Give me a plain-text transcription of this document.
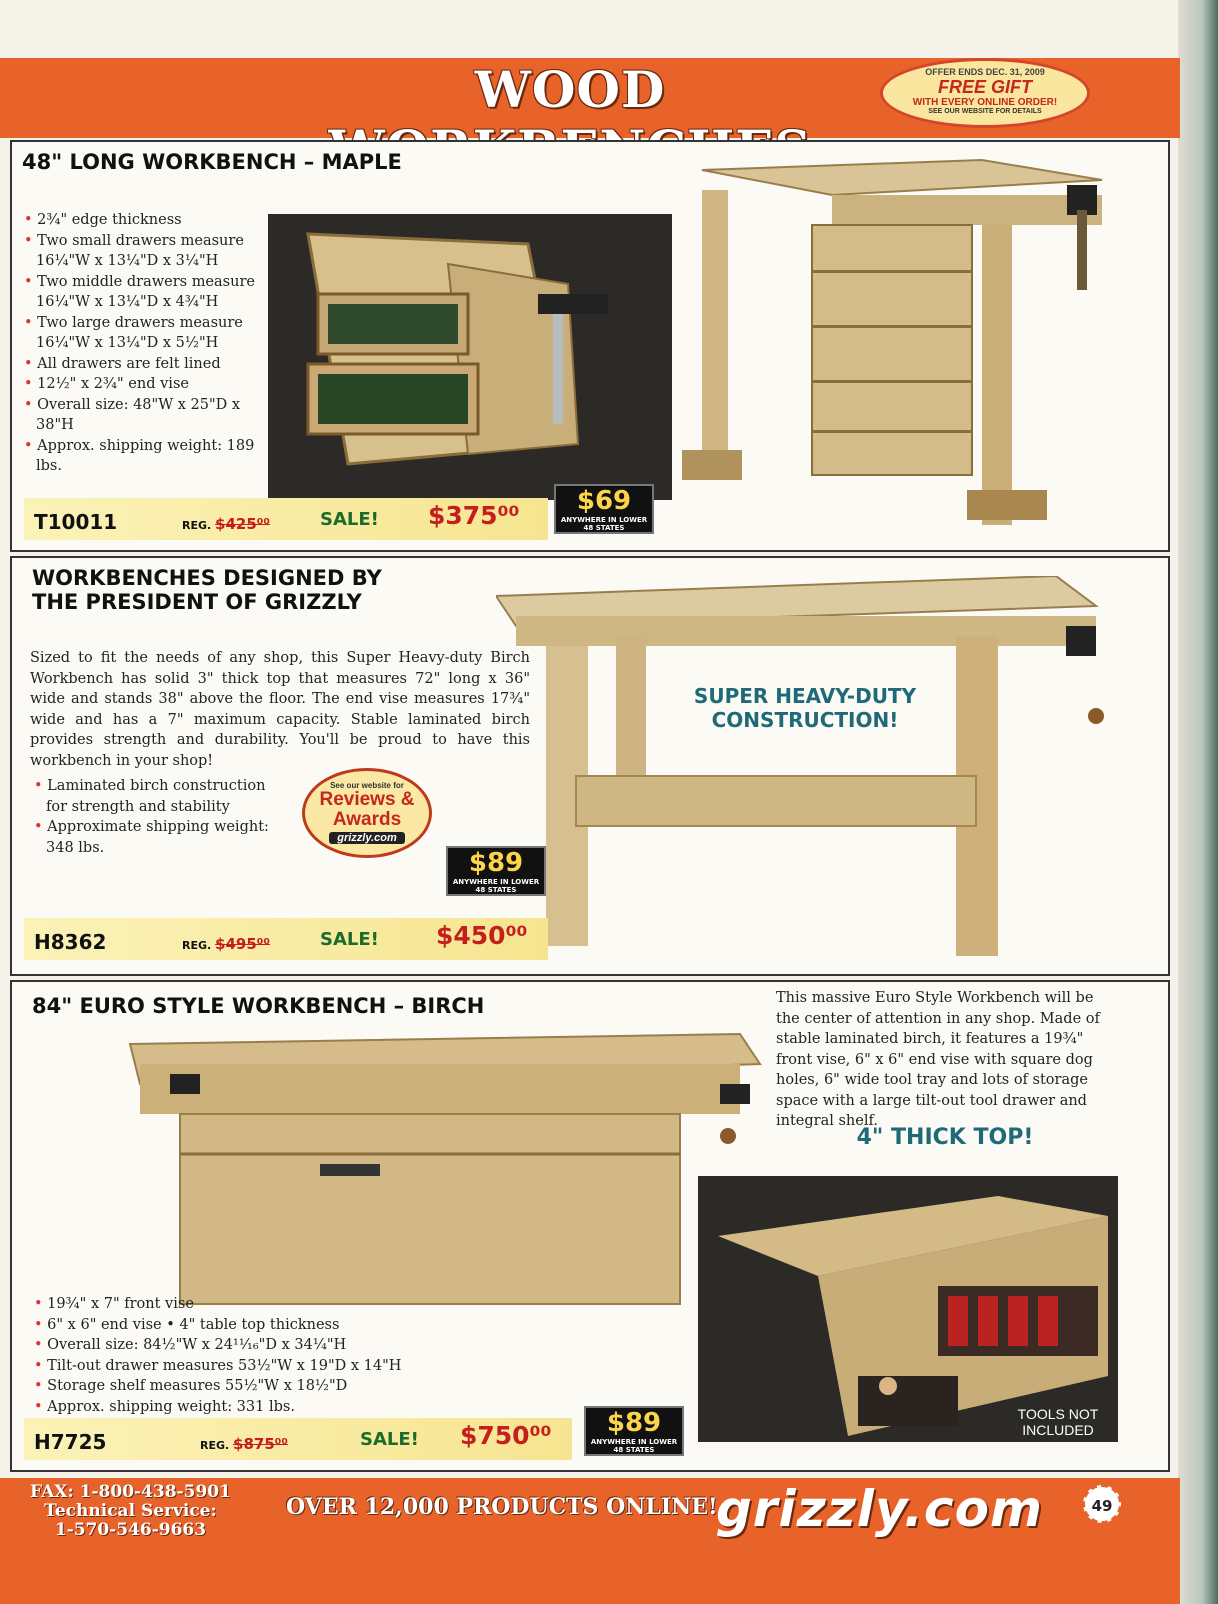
WOOD	OFFER ENDS DEC. 31, 2009
FREE GIFT
WITH EVERY ONLINE ORDER!
SEE OUR WEBSITE FOR DETAILS
48" LONG WORKBENCH – MAPLE
• 2¾" edge thickness
• Two small drawers measure 16¼"W x 13¼"D x 3¼"H
• Two middle drawers measure 16¼"W x 13¼"D x 4¾"H
• Two large drawers measure 16¼"W x 13¼"D x 5½"H
• All drawers are felt lined
• 12½" x 2¾" end vise
• Overall size: 48"W x 25"D x 38"H
• Approx. shipping weight: 189 lbs.
T10011	REG. $425⁰⁰	SALE! $375⁰⁰	$69
ANYWHERE IN LOWER 48 STATES
WORKBENCHES DESIGNED BY THE PRESIDENT OF GRIZZLY

Sized to fit the needs of any shop, this Super Heavy-duty Birch Workbench has solid 3" thick top that measures 72" long x 36" wide and stands 38" above the floor. The end vise measures 17¾" wide and has a 7" maximum capacity. Stable laminated birch provides strength and durability. You'll be proud to have this workbench in your shop!

• Laminated birch construction for strength and stability
• Approximate shipping weight: 348 lbs.
See our website for
Reviews & Awards
grizzly.com
$89
ANYWHERE IN LOWER 48 STATES
SUPER HEAVY-DUTY CONSTRUCTION!
H8362	REG. $495⁰⁰	SALE! $450⁰⁰
84" EURO STYLE WORKBENCH – BIRCH	This massive Euro Style Workbench will be the center of attention in any shop. Made of stable laminated birch, it features a 19¾" front vise, 6" x 6" end vise with square dog holes, 6" wide tool tray and lots of storage space with a large tilt-out tool drawer and integral shelf.

4" THICK TOP!
TOOLS NOT INCLUDED
• 19¾" x 7" front vise
• 6" x 6" end vise • 4" table top thickness
• Overall size: 84½"W x 24¹¹⁄₁₆"D x 34¼"H
• Tilt-out drawer measures 53½"W x 19"D x 14"H
• Storage shelf measures 55½"W x 18½"D
• Approx. shipping weight: 331 lbs.
H7725	REG. $875⁰⁰	SALE! $750⁰⁰	$89
ANYWHERE IN LOWER 48 STATES
FAX: 1-800-438-5901
Technical Service:
1-570-546-9663
OVER 12,000 PRODUCTS ONLINE!
grizzly.com	49
